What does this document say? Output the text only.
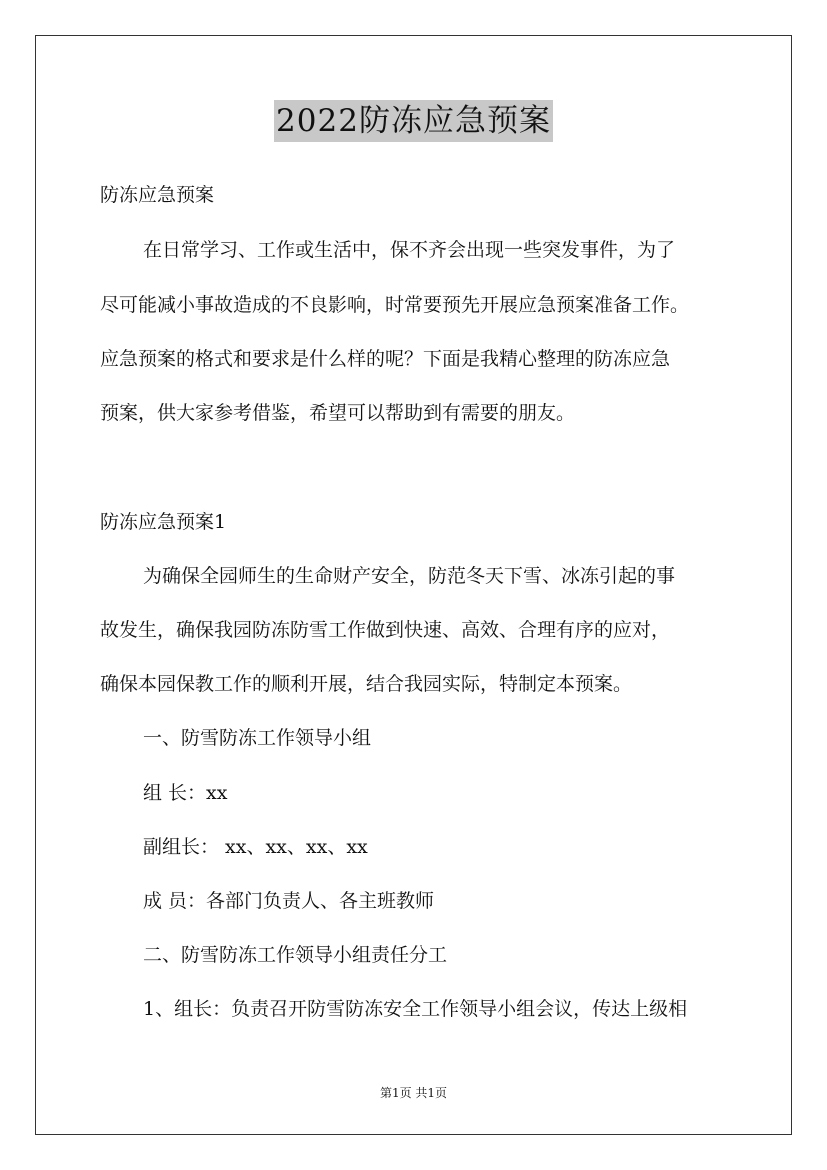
2022防冻应急预案
防冻应急预案
在日常学习、工作或生活中，保不齐会出现一些突发事件，为了
尽可能减小事故造成的不良影响，时常要预先开展应急预案准备工作。
应急预案的格式和要求是什么样的呢？下面是我精心整理的防冻应急
预案，供大家参考借鉴，希望可以帮助到有需要的朋友。
防冻应急预案1
为确保全园师生的生命财产安全，防范冬天下雪、冰冻引起的事
故发生，确保我园防冻防雪工作做到快速、高效、合理有序的应对，
确保本园保教工作的顺利开展，结合我园实际，特制定本预案。
一、防雪防冻工作领导小组
组 长：xx
副组长： xx、xx、xx、xx
成 员：各部门负责人、各主班教师
二、防雪防冻工作领导小组责任分工
1、组长：负责召开防雪防冻安全工作领导小组会议，传达上级相
第1页 共1页
